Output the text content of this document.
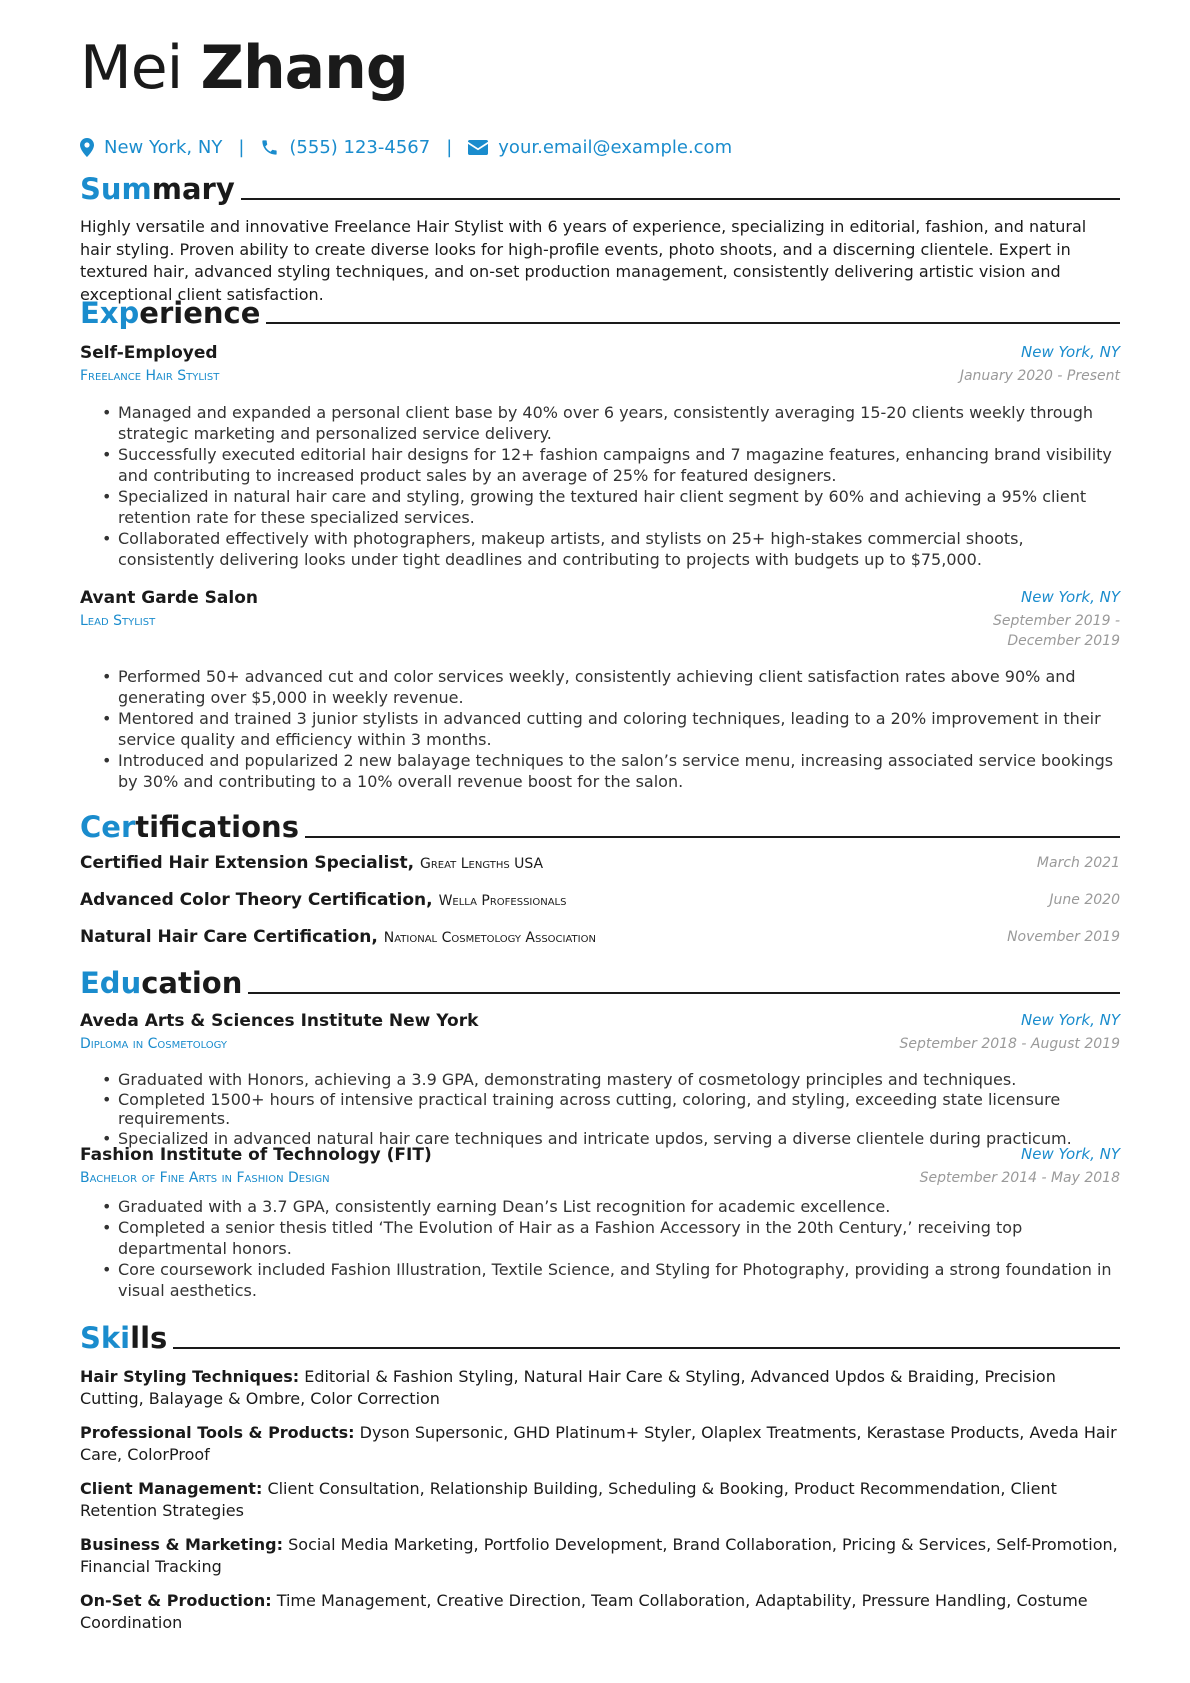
Mei Zhang
New York, NY |	(555) 123-4567 |	your.email@example.com
Summary
Highly versatile and innovative Freelance Hair Stylist with 6 years of experience, specializing in editorial, fashion, and natural hair styling. Proven ability to create diverse looks for high-profile events, photo shoots, and a discerning clientele. Expert in textured hair, advanced styling techniques, and on-set production management, consistently delivering artistic vision and exceptional client satisfaction.
Experience
Self-Employed
Freelance Hair Stylist
New York, NY
January 2020 - Present
• Managed and expanded a personal client base by 40% over 6 years, consistently averaging 15-20 clients weekly through strategic marketing and personalized service delivery.
• Successfully executed editorial hair designs for 12+ fashion campaigns and 7 magazine features, enhancing brand visibility and contributing to increased product sales by an average of 25% for featured designers.
• Specialized in natural hair care and styling, growing the textured hair client segment by 60% and achieving a 95% client retention rate for these specialized services.
• Collaborated effectively with photographers, makeup artists, and stylists on 25+ high-stakes commercial shoots, consistently delivering looks under tight deadlines and contributing to projects with budgets up to $75,000.
Avant Garde Salon
Lead Stylist
New York, NY
September 2019 - December 2019
• Performed 50+ advanced cut and color services weekly, consistently achieving client satisfaction rates above 90% and generating over $5,000 in weekly revenue.
• Mentored and trained 3 junior stylists in advanced cutting and coloring techniques, leading to a 20% improvement in their service quality and efficiency within 3 months.
• Introduced and popularized 2 new balayage techniques to the salon’s service menu, increasing associated service bookings by 30% and contributing to a 10% overall revenue boost for the salon.
Certifications
Certified Hair Extension Specialist, Great Lengths USA	March 2021
Advanced Color Theory Certification, Wella Professionals	June 2020
Natural Hair Care Certification, National Cosmetology Association	November 2019
Education
Aveda Arts & Sciences Institute New York
Diploma in Cosmetology
New York, NY
September 2018 - August 2019
• Graduated with Honors, achieving a 3.9 GPA, demonstrating mastery of cosmetology principles and techniques.
• Completed 1500+ hours of intensive practical training across cutting, coloring, and styling, exceeding state licensure requirements.
• Specialized in advanced natural hair care techniques and intricate updos, serving a diverse clientele during practicum.
Fashion Institute of Technology (FIT)
Bachelor of Fine Arts in Fashion Design
New York, NY
September 2014 - May 2018
• Graduated with a 3.7 GPA, consistently earning Dean’s List recognition for academic excellence.
• Completed a senior thesis titled ‘The Evolution of Hair as a Fashion Accessory in the 20th Century,’ receiving top departmental honors.
• Core coursework included Fashion Illustration, Textile Science, and Styling for Photography, providing a strong foundation in visual aesthetics.
Skills
Hair Styling Techniques: Editorial & Fashion Styling, Natural Hair Care & Styling, Advanced Updos & Braiding, Precision Cutting, Balayage & Ombre, Color Correction
Professional Tools & Products: Dyson Supersonic, GHD Platinum+ Styler, Olaplex Treatments, Kerastase Products, Aveda Hair Care, ColorProof
Client Management: Client Consultation, Relationship Building, Scheduling & Booking, Product Recommendation, Client Retention Strategies
Business & Marketing: Social Media Marketing, Portfolio Development, Brand Collaboration, Pricing & Services, Self-Promotion, Financial Tracking
On-Set & Production: Time Management, Creative Direction, Team Collaboration, Adaptability, Pressure Handling, Costume Coordination
